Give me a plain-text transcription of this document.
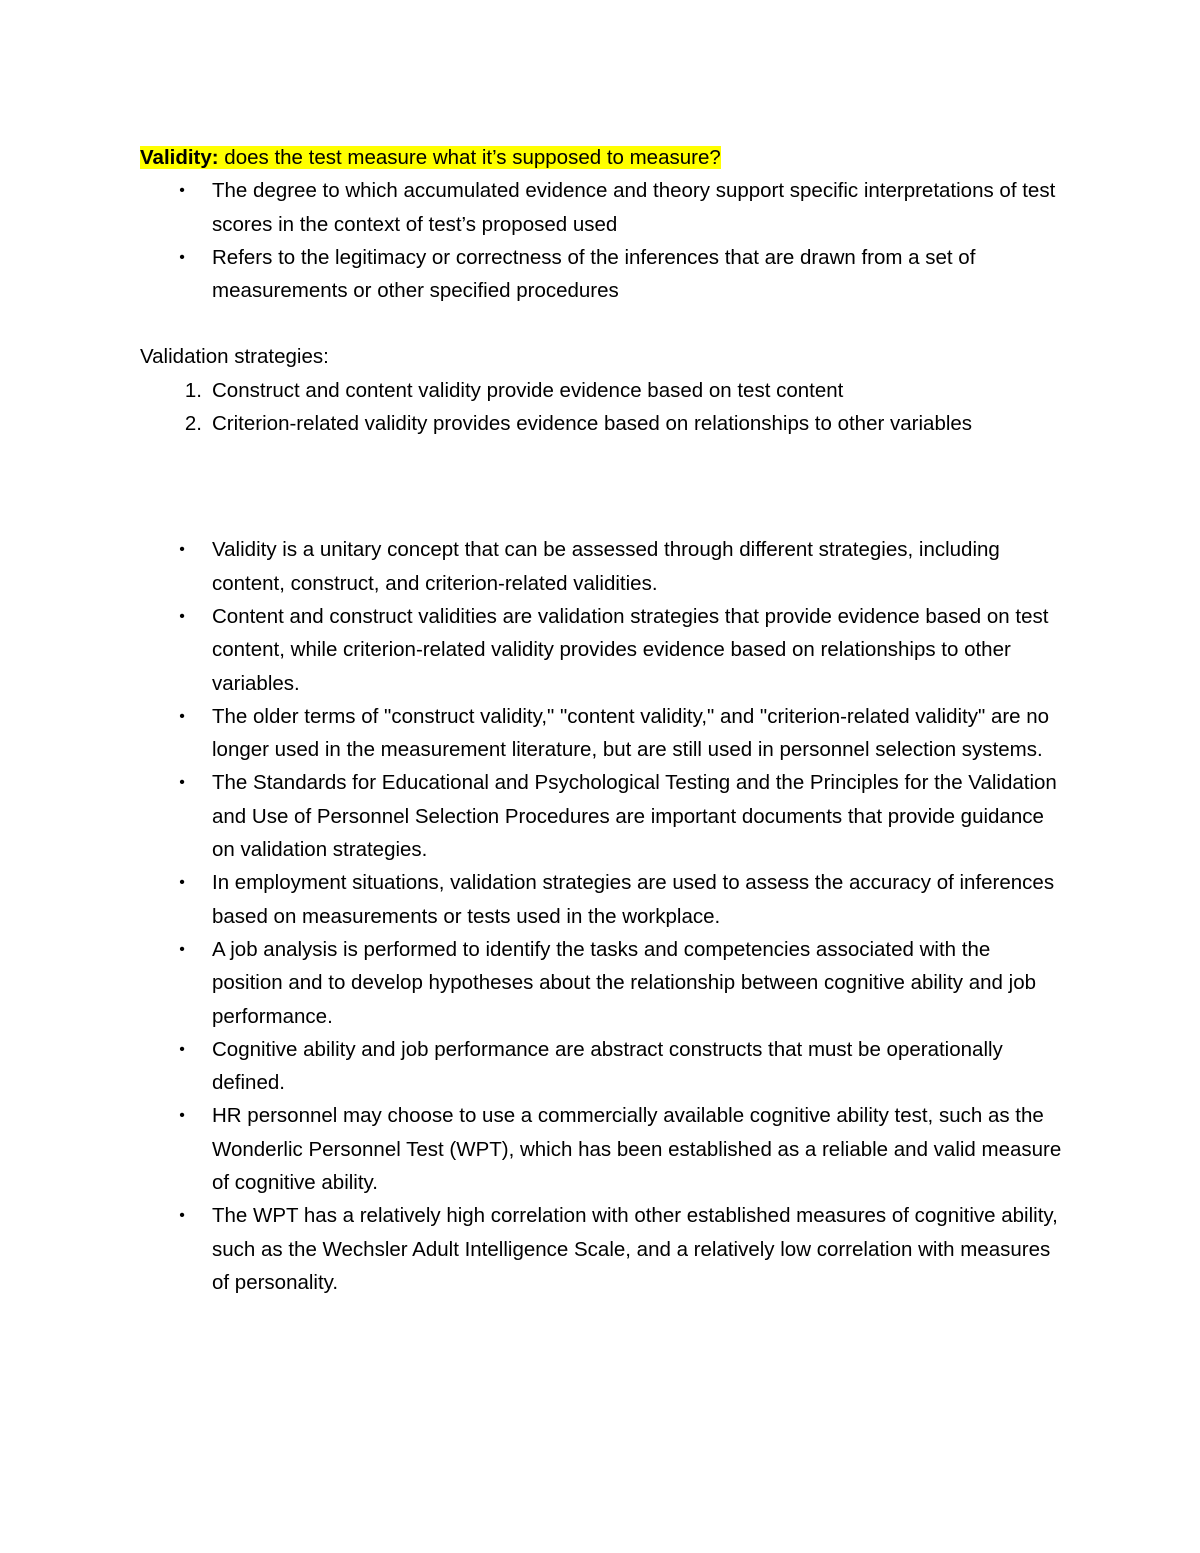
Validity: does the test measure what it’s supposed to measure?

•	The degree to which accumulated evidence and theory support specific interpretations of test scores in the context of test’s proposed used
•	Refers to the legitimacy or correctness of the inferences that are drawn from a set of measurements or other specified procedures

Validation strategies:

1. Construct and content validity provide evidence based on test content
2. Criterion-related validity provides evidence based on relationships to other variables
•	Validity is a unitary concept that can be assessed through different strategies, including content, construct, and criterion-related validities.
•	Content and construct validities are validation strategies that provide evidence based on test content, while criterion-related validity provides evidence based on relationships to other variables.
•	The older terms of "construct validity," "content validity," and "criterion-related validity" are no longer used in the measurement literature, but are still used in personnel selection systems.
•	The Standards for Educational and Psychological Testing and the Principles for the Validation and Use of Personnel Selection Procedures are important documents that provide guidance on validation strategies.
•	In employment situations, validation strategies are used to assess the accuracy of inferences based on measurements or tests used in the workplace.
•	A job analysis is performed to identify the tasks and competencies associated with the position and to develop hypotheses about the relationship between cognitive ability and job performance.
•	Cognitive ability and job performance are abstract constructs that must be operationally defined.
•	HR personnel may choose to use a commercially available cognitive ability test, such as the Wonderlic Personnel Test (WPT), which has been established as a reliable and valid measure of cognitive ability.
•	The WPT has a relatively high correlation with other established measures of cognitive ability, such as the Wechsler Adult Intelligence Scale, and a relatively low correlation with measures of personality.
